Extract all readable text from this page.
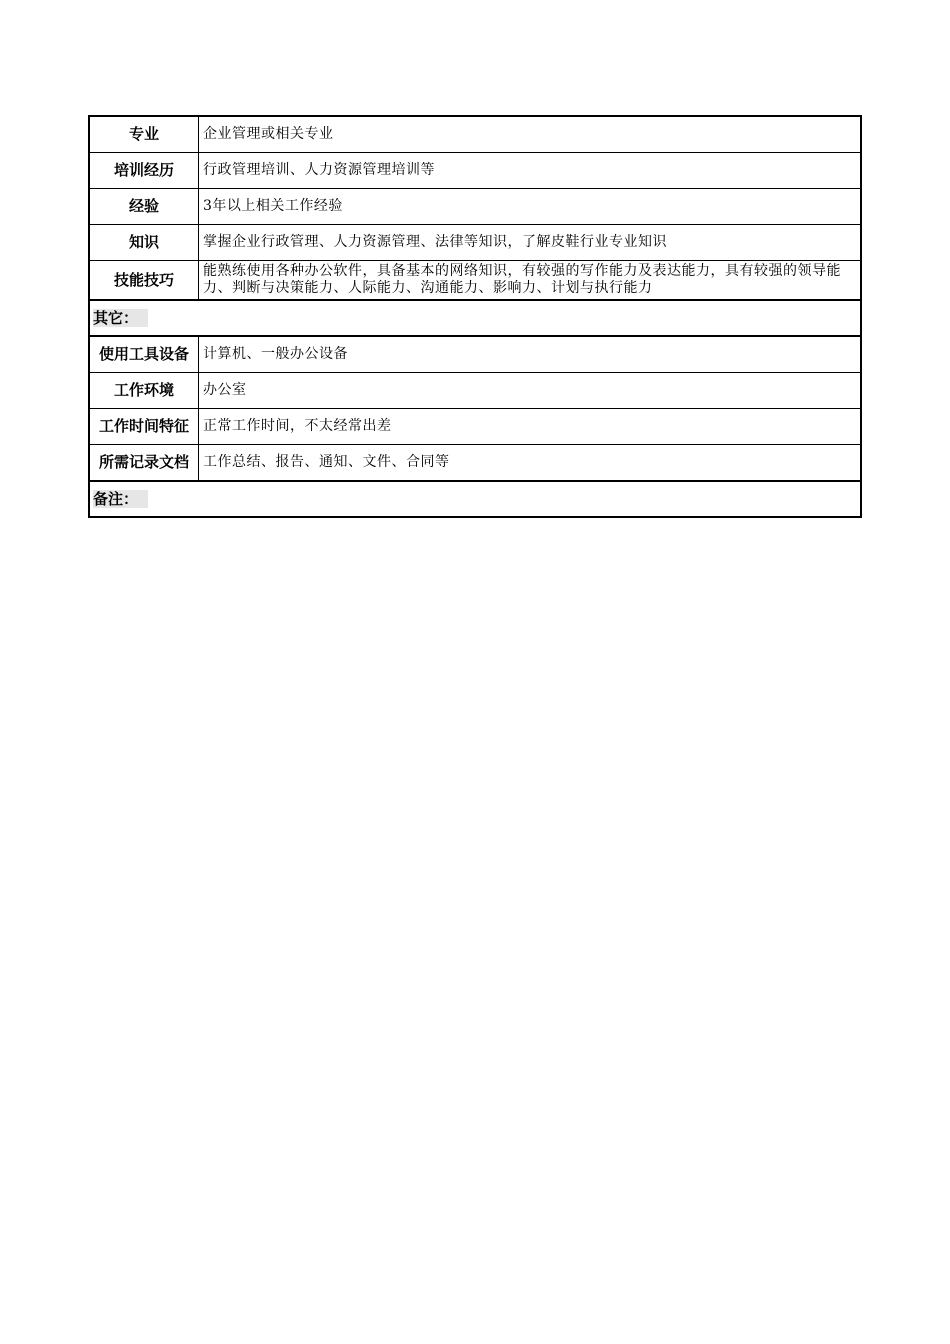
专业	企业管理或相关专业
培训经历	行政管理培训、人力资源管理培训等
经验	3年以上相关工作经验
知识	掌握企业行政管理、人力资源管理、法律等知识，了解皮鞋行业专业知识
技能技巧	能熟练使用各种办公软件，具备基本的网络知识，有较强的写作能力及表达能力，具有较强的领导能力、判断与决策能力、人际能力、沟通能力、影响力、计划与执行能力
其它：	
使用工具设备	计算机、一般办公设备
工作环境	办公室
工作时间特征	正常工作时间，不太经常出差
所需记录文档	工作总结、报告、通知、文件、合同等
备注：	
